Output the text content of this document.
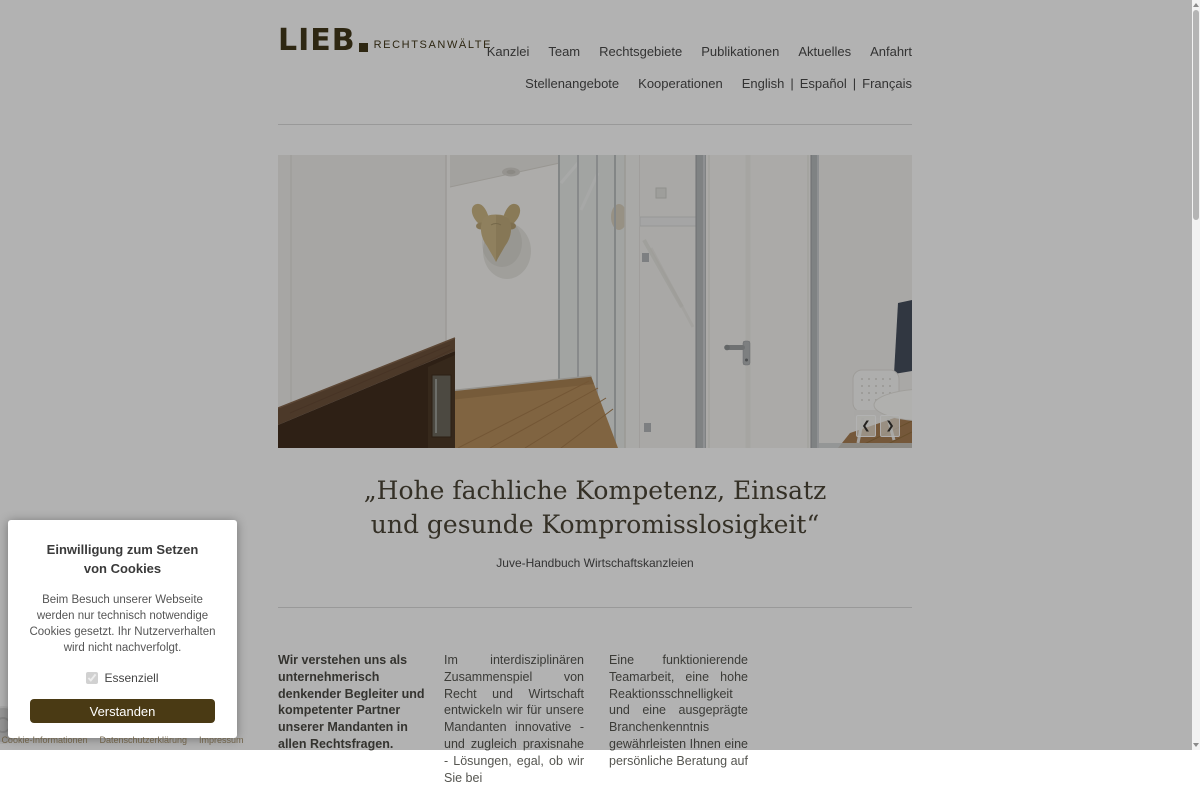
LIEB RECHTSANWÄLTE
Kanzlei Team Rechtsgebiete Publikationen Aktuelles Anfahrt
Stellenangebote Kooperationen English | Español | Français
❮	❯
„Hohe fachliche Kompetenz, Einsatz und gesunde Kompromisslosigkeit“
Juve-Handbuch Wirtschaftskanzleien
Wir verstehen uns als unternehmerisch denkender Begleiter und kompetenter Partner unserer Mandanten in allen Rechtsfragen.
Im interdisziplinären Zusammenspiel von Recht und Wirtschaft entwickeln wir für unsere Mandanten innovative - und zugleich praxisnahe - Lösungen, egal, ob wir Sie bei
Eine funktionierende Teamarbeit, eine hohe Reaktionsschnelligkeit und eine ausgeprägte Branchenkenntnis gewährleisten Ihnen eine persönliche Beratung auf
Einwilligung zum Setzen von Cookies
Beim Besuch unserer Webseite werden nur technisch notwendige Cookies gesetzt. Ihr Nutzerverhalten wird nicht nachverfolgt.
Essenziell
Verstanden
Cookie-Informationen Datenschutzerklärung Impressum
